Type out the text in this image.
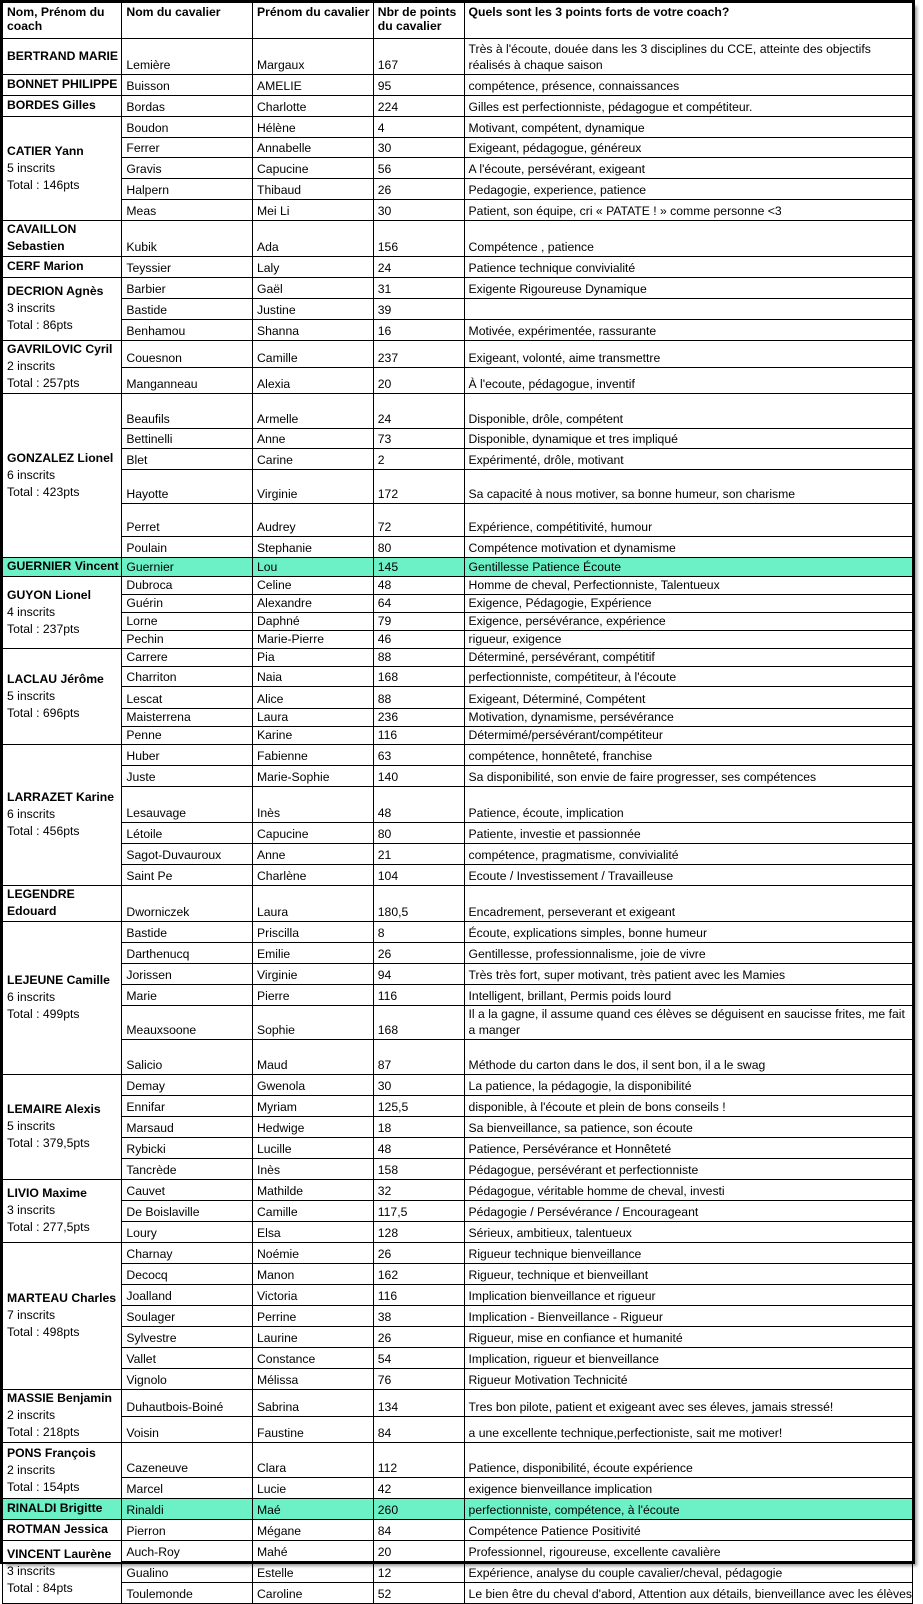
Nom, Prénom du coach	Nom du cavalier	Prénom du cavalier	Nbr de points du cavalier	Quels sont les 3 points forts de votre coach?
BERTRAND MARIE	Lemière	Margaux	167	Très à l'écoute, douée dans les 3 disciplines du CCE, atteinte des objectifs réalisés à chaque saison
BONNET PHILIPPE	Buisson	AMELIE	95	compétence, présence, connaissances
BORDES Gilles	Bordas	Charlotte	224	Gilles est perfectionniste, pédagogue et compétiteur.
CATIER Yann
5 inscrits
Total : 146pts	Boudon	Hélène	4	Motivant, compétent, dynamique
	Ferrer	Annabelle	30	Exigeant, pédagogue, généreux
	Gravis	Capucine	56	A l'écoute, persévérant, exigeant
	Halpern	Thibaud	26	Pedagogie, experience, patience
	Meas	Mei Li	30	Patient, son équipe, cri « PATATE ! » comme personne <3
CAVAILLON Sebastien	Kubik	Ada	156	Compétence , patience
CERF Marion	Teyssier	Laly	24	Patience technique convivialité
DECRION Agnès
3 inscrits
Total : 86pts	Barbier	Gaël	31	Exigente Rigoureuse Dynamique
	Bastide	Justine	39	
	Benhamou	Shanna	16	Motivée, expérimentée, rassurante
GAVRILOVIC Cyril
2 inscrits
Total : 257pts	Couesnon	Camille	237	Exigeant, volonté, aime transmettre
	Manganneau	Alexia	20	À l'ecoute, pédagogue, inventif
GONZALEZ Lionel
6 inscrits
Total : 423pts	Beaufils	Armelle	24	Disponible, drôle, compétent
	Bettinelli	Anne	73	Disponible, dynamique et tres impliqué
	Blet	Carine	2	Expérimenté, drôle, motivant
	Hayotte	Virginie	172	Sa capacité à nous motiver, sa bonne humeur, son charisme
	Perret	Audrey	72	Expérience, compétitivité, humour
	Poulain	Stephanie	80	Compétence motivation et dynamisme
GUERNIER Vincent	Guernier	Lou	145	Gentillesse Patience Écoute
GUYON Lionel
4 inscrits
Total : 237pts	Dubroca	Celine	48	Homme de cheval, Perfectionniste, Talentueux
	Guérin	Alexandre	64	Exigence, Pédagogie, Expérience
	Lorne	Daphné	79	Exigence, persévérance, expérience
	Pechin	Marie-Pierre	46	rigueur, exigence
LACLAU Jérôme
5 inscrits
Total : 696pts	Carrere	Pia	88	Déterminé, persévérant, compétitif
	Charriton	Naia	168	perfectionniste, compétiteur, à l'écoute
	Lescat	Alice	88	Exigeant, Déterminé, Compétent
	Maisterrena	Laura	236	Motivation, dynamisme, persévérance
	Penne	Karine	116	Détermimé/persévérant/compétiteur
LARRAZET Karine
6 inscrits
Total : 456pts	Huber	Fabienne	63	compétence, honnêteté, franchise
	Juste	Marie-Sophie	140	Sa disponibilité, son envie de faire progresser, ses compétences
	Lesauvage	Inès	48	Patience, écoute, implication
	Létoile	Capucine	80	Patiente, investie et passionnée
	Sagot-Duvauroux	Anne	21	compétence, pragmatisme, convivialité
	Saint Pe	Charlène	104	Ecoute / Investissement / Travailleuse
LEGENDRE Edouard	Dworniczek	Laura	180,5	Encadrement, perseverant et exigeant
LEJEUNE Camille
6 inscrits
Total : 499pts	Bastide	Priscilla	8	Écoute, explications simples, bonne humeur
	Darthenucq	Emilie	26	Gentillesse, professionnalisme, joie de vivre
	Jorissen	Virginie	94	Très très fort, super motivant, très patient avec les Mamies
	Marie	Pierre	116	Intelligent, brillant, Permis poids lourd
	Meauxsoone	Sophie	168	Il a la gagne, il assume quand ces élèves se déguisent en saucisse frites, me fait a manger
	Salicio	Maud	87	Méthode du carton dans le dos, il sent bon, il a le swag
LEMAIRE Alexis
5 inscrits
Total : 379,5pts	Demay	Gwenola	30	La patience, la pédagogie, la disponibilité
	Ennifar	Myriam	125,5	disponible, à l'écoute et plein de bons conseils !
	Marsaud	Hedwige	18	Sa bienveillance, sa patience, son écoute
	Rybicki	Lucille	48	Patience, Persévérance et Honnêteté
	Tancrède	Inès	158	Pédagogue, persévérant et perfectionniste
LIVIO Maxime
3 inscrits
Total : 277,5pts	Cauvet	Mathilde	32	Pédagogue, véritable homme de cheval, investi
	De Boislaville	Camille	117,5	Pédagogie / Persévérance / Encourageant
	Loury	Elsa	128	Sérieux, ambitieux, talentueux
MARTEAU Charles
7 inscrits
Total : 498pts	Charnay	Noémie	26	Rigueur technique bienveillance
	Decocq	Manon	162	Rigueur, technique et bienveillant
	Joalland	Victoria	116	Implication bienveillance et rigueur
	Soulager	Perrine	38	Implication - Bienveillance - Rigueur
	Sylvestre	Laurine	26	Rigueur, mise en confiance et humanité
	Vallet	Constance	54	Implication, rigueur et bienveillance
	Vignolo	Mélissa	76	Rigueur Motivation Technicité
MASSIE Benjamin
2 inscrits
Total : 218pts	Duhautbois-Boiné	Sabrina	134	Tres bon pilote, patient et exigeant avec ses éleves, jamais stressé!
	Voisin	Faustine	84	a une excellente technique,perfectioniste, sait me motiver!
PONS François
2 inscrits
Total : 154pts	Cazeneuve	Clara	112	Patience, disponibilité, écoute expérience
	Marcel	Lucie	42	exigence bienveillance implication
RINALDI Brigitte	Rinaldi	Maé	260	perfectionniste, compétence, à l'écoute
ROTMAN Jessica	Pierron	Mégane	84	Compétence Patience Positivité
VINCENT Laurène
3 inscrits
Total : 84pts	Auch-Roy	Mahé	20	Professionnel, rigoureuse, excellente cavalière
	Gualino	Estelle	12	Expérience, analyse du couple cavalier/cheval, pédagogie
	Toulemonde	Caroline	52	Le bien être du cheval d'abord, Attention aux détails, bienveillance avec les élèves
